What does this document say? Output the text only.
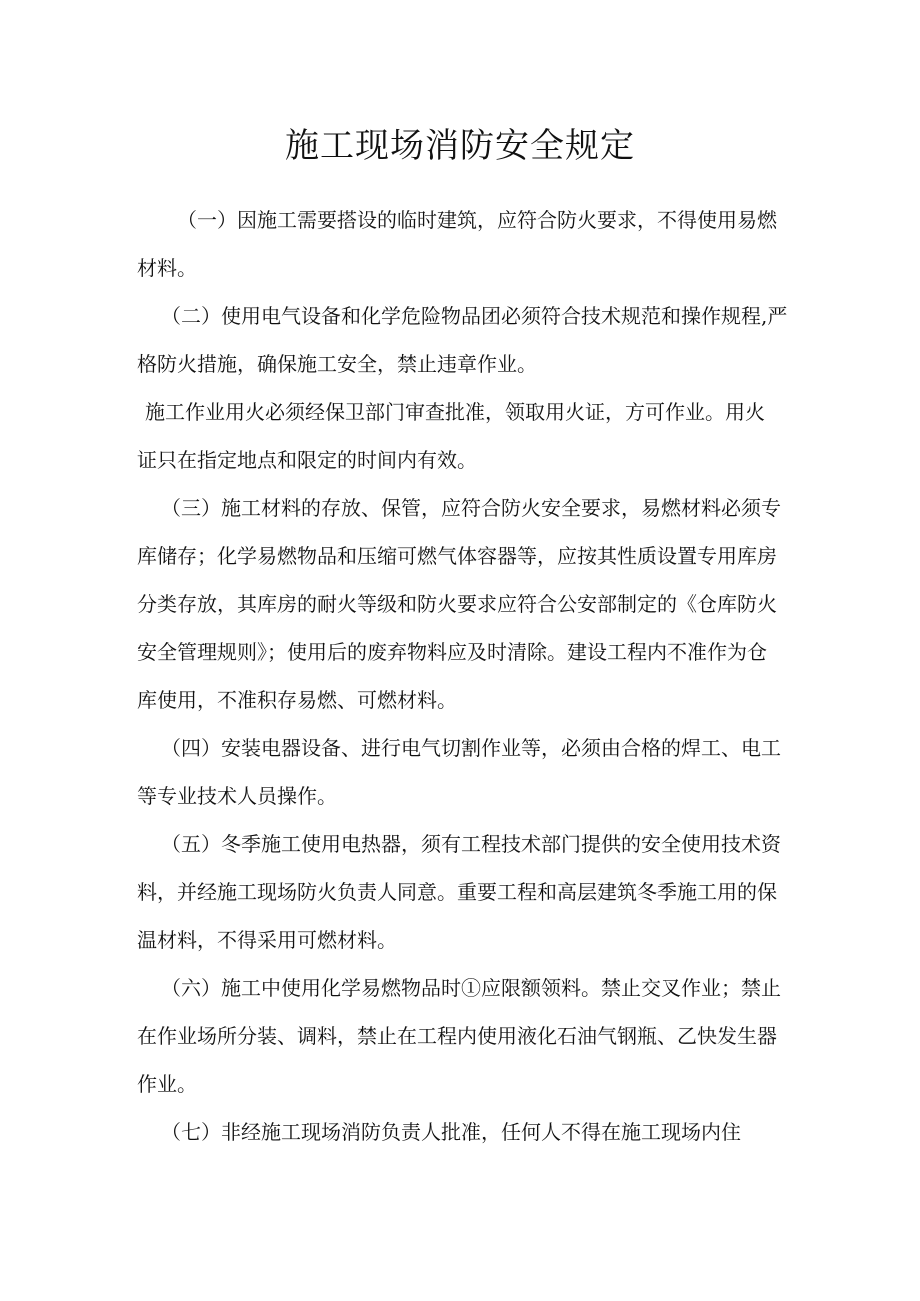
施工现场消防安全规定

（一）因施工需要搭设的临时建筑，应符合防火要求，不得使用易燃
材料。

（二）使用电气设备和化学危险物品团必须符合技术规范和操作规程,严
格防火措施，确保施工安全，禁止违章作业。

施工作业用火必须经保卫部门审查批准，领取用火证，方可作业。用火
证只在指定地点和限定的时间内有效。

（三）施工材料的存放、保管，应符合防火安全要求，易燃材料必须专
库储存；化学易燃物品和压缩可燃气体容器等，应按其性质设置专用库房
分类存放，其库房的耐火等级和防火要求应符合公安部制定的《仓库防火
安全管理规则》；使用后的废弃物料应及时清除。建设工程内不准作为仓
库使用，不准积存易燃、可燃材料。

（四）安装电器设备、进行电气切割作业等，必须由合格的焊工、电工
等专业技术人员操作。

（五）冬季施工使用电热器，须有工程技术部门提供的安全使用技术资
料，并经施工现场防火负责人同意。重要工程和高层建筑冬季施工用的保
温材料，不得采用可燃材料。

（六）施工中使用化学易燃物品时①应限额领料。禁止交叉作业；禁止
在作业场所分装、调料，禁止在工程内使用液化石油气钢瓶、乙快发生器
作业。

（七）非经施工现场消防负责人批准，任何人不得在施工现场内住
